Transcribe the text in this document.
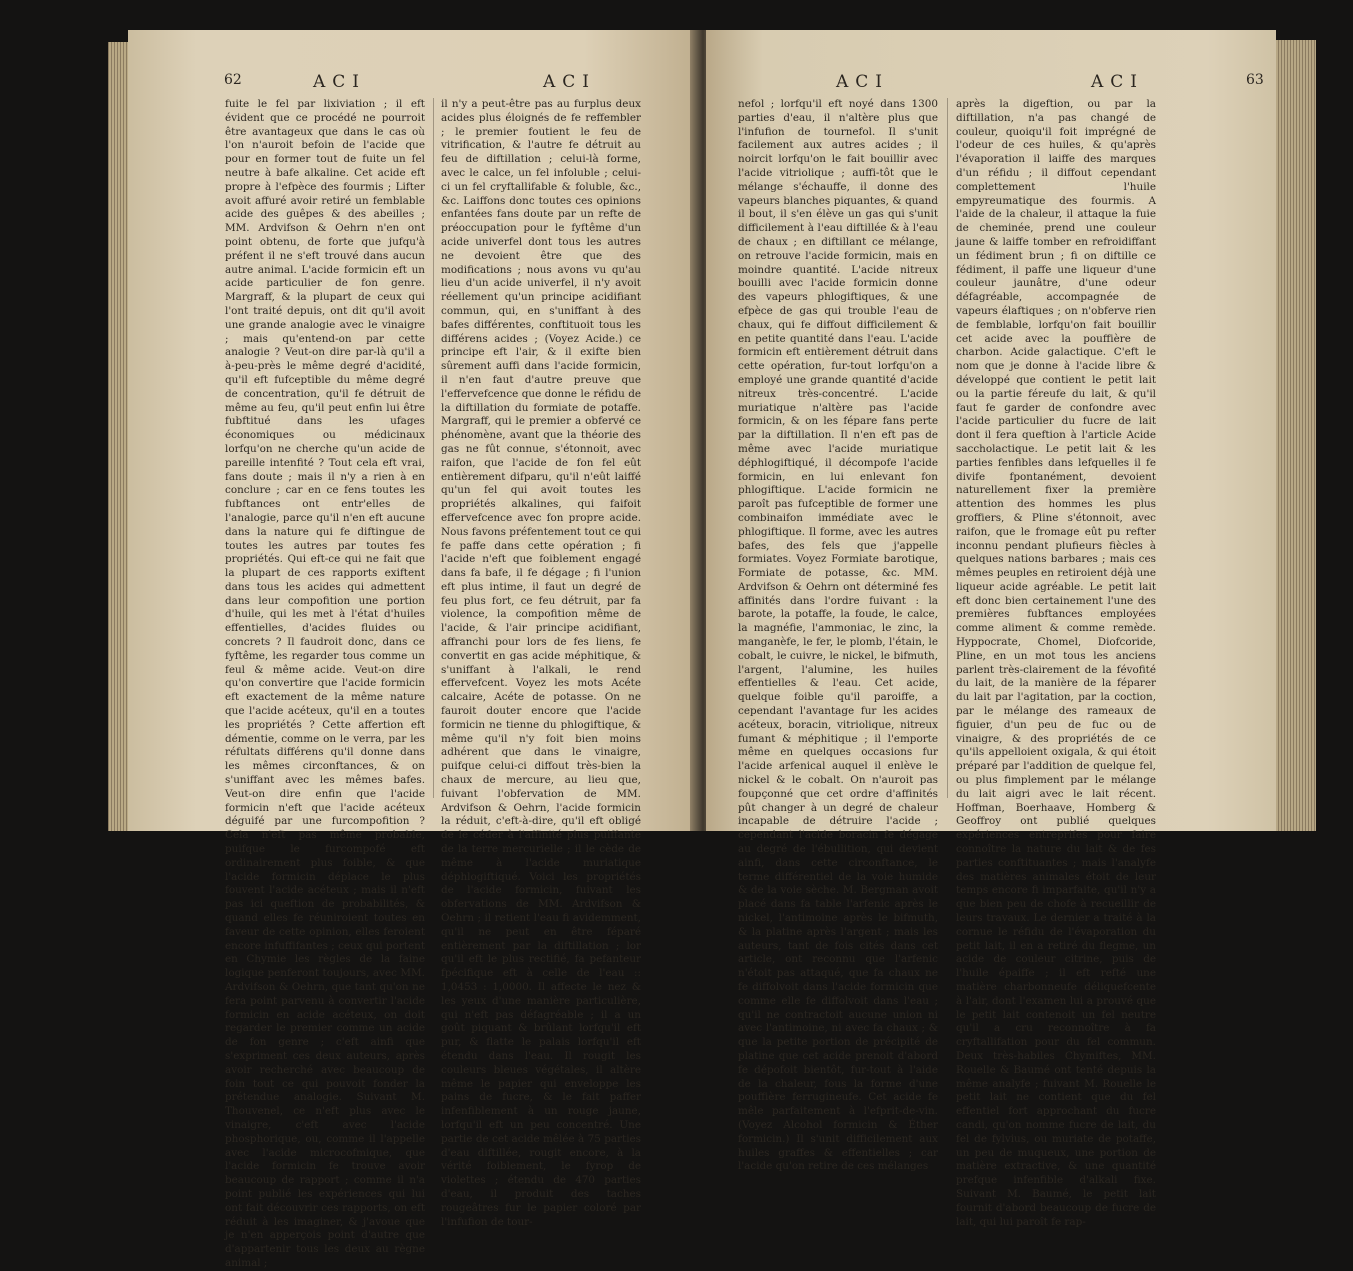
62	ACI	ACI

fuite le fel par lixiviation ; il eft évident que ce procédé ne pourroit être avantageux que dans le cas où l'on n'auroit befoin de l'acide que pour en former tout de fuite un fel neutre à bafe alkaline. Cet acide eft propre à l'efpèce des fourmis ; Lifter avoit affuré avoir retiré un femblable acide des guêpes & des abeilles ; MM. Ardvifson & Oehrn n'en ont point obtenu, de forte que jufqu'à préfent il ne s'eft trouvé dans aucun autre animal. L'acide formicin eft un acide particulier de fon genre. Margraff, & la plupart de ceux qui l'ont traité depuis, ont dit qu'il avoit une grande analogie avec le vinaigre ; mais qu'entend-on par cette analogie ? Veut-on dire par-là qu'il a à-peu-près le même degré d'acidité, qu'il eft fufceptible du même degré de concentration, qu'il fe détruit de même au feu, qu'il peut enfin lui être fubftitué dans les ufages économiques ou médicinaux lorfqu'on ne cherche qu'un acide de pareille intenfité ? Tout cela eft vrai, fans doute ; mais il n'y a rien à en conclure ; car en ce fens toutes les fubftances ont entr'elles de l'analogie, parce qu'il n'en eft aucune dans la nature qui fe diftingue de toutes les autres par toutes fes propriétés. Qui eft-ce qui ne fait que la plupart de ces rapports exiftent dans tous les acides qui admettent dans leur compofition une portion d'huile, qui les met à l'état d'huiles effentielles, d'acides fluides ou concrets ? Il faudroit donc, dans ce fyftême, les regarder tous comme un feul & même acide. Veut-on dire qu'on convertire que l'acide formicin eft exactement de la même nature que l'acide acéteux, qu'il en a toutes les propriétés ? Cette affertion eft démentie, comme on le verra, par les réfultats différens qu'il donne dans les mêmes circonftances, & on s'uniffant avec les mêmes bafes. Veut-on dire enfin que l'acide formicin n'eft que l'acide acéteux déguifé par une furcompofition ? Cela n'eft pas même probable, puifque le furcompofé eft ordinairement plus foible, & que l'acide formicin déplace le plus fouvent l'acide acéteux ; mais il n'eft pas ici queftion de probabilités, & quand elles fe réuniroient toutes en faveur de cette opinion, elles feroient encore infuffifantes ; ceux qui portent en Chymie les règles de la faine logique penferont toujours, avec MM. Ardvifson & Oehrn, que tant qu'on ne fera point parvenu à convertir l'acide formicin en acide acéteux, on doit regarder le premier comme un acide de fon genre ; c'eft ainfi que s'expriment ces deux auteurs, après avoir recherché avec beaucoup de foin tout ce qui pouvoit fonder la prétendue analogie. Suivant M. Thouvenel, ce n'eft plus avec le vinaigre, c'eft avec l'acide phosphorique, ou, comme il l'appelle avec l'acide microcofmique, que l'acide formicin fe trouve avoir beaucoup de rapport ; comme il n'a point publié les expériences qui lui ont fait découvrir ces rapports, on eft réduit à les imaginer, & j'avoue que je n'en apperçois point d'autre que d'appartenir tous les deux au règne animal ;

il n'y a peut-être pas au furplus deux acides plus éloignés de fe reffembler ; le premier foutient le feu de vitrification, & l'autre fe détruit au feu de diftillation ; celui-là forme, avec le calce, un fel infoluble ; celui-ci un fel cryftallifable & foluble, &c., &c. Laiffons donc toutes ces opinions enfantées fans doute par un refte de préoccupation pour le fyftême d'un acide univerfel dont tous les autres ne devoient être que des modifications ; nous avons vu qu'au lieu d'un acide univerfel, il n'y avoit réellement qu'un principe acidifiant commun, qui, en s'uniffant à des bafes différentes, conftituoit tous les différens acides ; (Voyez Acide.) ce principe eft l'air, & il exifte bien sûrement auffi dans l'acide formicin, il n'en faut d'autre preuve que l'effervefcence que donne le réfidu de la diftillation du formiate de potaffe. Margraff, qui le premier a obfervé ce phénomène, avant que la théorie des gas ne fût connue, s'étonnoit, avec raifon, que l'acide de fon fel eût entièrement difparu, qu'il n'eût laiffé qu'un fel qui avoit toutes les propriétés alkalines, qui faifoit effervefcence avec fon propre acide. Nous favons préfentement tout ce qui fe paffe dans cette opération ; fi l'acide n'eft que foiblement engagé dans fa bafe, il fe dégage ; fi l'union eft plus intime, il faut un degré de feu plus fort, ce feu détruit, par fa violence, la compofition même de l'acide, & l'air principe acidifiant, affranchi pour lors de fes liens, fe convertit en gas acide méphitique, & s'uniffant à l'alkali, le rend effervefcent. Voyez les mots Acéte calcaire, Acéte de potasse. On ne fauroit douter encore que l'acide formicin ne tienne du phlogiftique, & même qu'il n'y foit bien moins adhérent que dans le vinaigre, puifque celui-ci diffout très-bien la chaux de mercure, au lieu que, fuivant l'obfervation de MM. Ardvifson & Oehrn, l'acide formicin la réduit, c'eft-à-dire, qu'il eft obligé de le céder à l'affinité plus puiffante de la terre mercurielle ; il le cède de même à l'acide muriatique déphlogiftiqué. Voici les propriétés de l'acide formicin, fuivant les obfervations de MM. Ardvifson & Oehrn ; il retient l'eau fi avidemment, qu'il ne peut en être féparé entièrement par la diftillation ; lor qu'il eft le plus rectifié, fa pefanteur fpécifique eft à celle de l'eau :: 1,0453 : 1,0000. Il affecte le nez & les yeux d'une manière particulière, qui n'eft pas défagréable ; il a un goût piquant & brûlant lorfqu'il eft pur, & flatte le palais lorfqu'il eft étendu dans l'eau. Il rougit les couleurs bleues végétales, il altère même le papier qui enveloppe les pains de fucre, & le fait paffer infenfiblement à un rouge jaune, lorfqu'il eft un peu concentré. Une partie de cet acide mêlée à 75 parties d'eau diftillée, rougit encore, à la vérité foiblement, le fyrop de violettes ; étendu de 470 parties d'eau, il produit des taches rougeâtres fur le papier coloré par l'infufion de tour-

ACI	ACI	63

nefol ; lorfqu'il eft noyé dans 1300 parties d'eau, il n'altère plus que l'infufion de tournefol. Il s'unit facilement aux autres acides ; il noircit lorfqu'on le fait bouillir avec l'acide vitriolique ; auffi-tôt que le mélange s'échauffe, il donne des vapeurs blanches piquantes, & quand il bout, il s'en élève un gas qui s'unit difficilement à l'eau diftillée & à l'eau de chaux ; en diftillant ce mélange, on retrouve l'acide formicin, mais en moindre quantité. L'acide nitreux bouilli avec l'acide formicin donne des vapeurs phlogiftiques, & une efpèce de gas qui trouble l'eau de chaux, qui fe diffout difficilement & en petite quantité dans l'eau. L'acide formicin eft entièrement détruit dans cette opération, fur-tout lorfqu'on a employé une grande quantité d'acide nitreux très-concentré. L'acide muriatique n'altère pas l'acide formicin, & on les fépare fans perte par la diftillation. Il n'en eft pas de même avec l'acide muriatique déphlogiftiqué, il décompofe l'acide formicin, en lui enlevant fon phlogiftique. L'acide formicin ne paroît pas fufceptible de former une combinaifon immédiate avec le phlogiftique. Il forme, avec les autres bafes, des fels que j'appelle formiates. Voyez Formiate barotique, Formiate de potasse, &c. MM. Ardvifson & Oehrn ont déterminé fes affinités dans l'ordre fuivant : la barote, la potaffe, la foude, le calce, la magnéfie, l'ammoniac, le zinc, la manganèfe, le fer, le plomb, l'étain, le cobalt, le cuivre, le nickel, le bifmuth, l'argent, l'alumine, les huiles effentielles & l'eau. Cet acide, quelque foible qu'il paroiffe, a cependant l'avantage fur les acides acéteux, boracin, vitriolique, nitreux fumant & méphitique ; il l'emporte même en quelques occasions fur l'acide arfenical auquel il enlève le nickel & le cobalt. On n'auroit pas foupçonné que cet ordre d'affinités pût changer à un degré de chaleur incapable de détruire l'acide ; cependant l'acide boracin fe dégage au degré de l'ébullition, qui devient ainfi, dans cette circonftance, le terme différentiel de la voie humide & de la voie sèche. M. Bergman avoit placé dans fa table l'arfenic après le nickel, l'antimoine après le bifmuth, & la platine après l'argent ; mais les auteurs, tant de fois cités dans cet article, ont reconnu que l'arfenic n'étoit pas attaqué, que fa chaux ne fe diffolvoit dans l'acide formicin que comme elle fe diffolvoit dans l'eau ; qu'il ne contractoit aucune union ni avec l'antimoine, ni avec fa chaux ; & que la petite portion de précipité de platine que cet acide prenoit d'abord fe dépofoit bientôt, fur-tout à l'aide de la chaleur, fous la forme d'une pouffière ferrugineufe. Cet acide fe mêle parfaitement à l'efprit-de-vin. (Voyez Alcohol formicin & Éther formicin.) Il s'unit difficilement aux huiles graffes & effentielles ; car l'acide qu'on retire de ces mélanges

après la digeftion, ou par la diftillation, n'a pas changé de couleur, quoiqu'il foit imprégné de l'odeur de ces huiles, & qu'après l'évaporation il laiffe des marques d'un réfidu ; il diffout cependant complettement l'huile empyreumatique des fourmis. A l'aide de la chaleur, il attaque la fuie de cheminée, prend une couleur jaune & laiffe tomber en refroidiffant un fédiment brun ; fi on diftille ce fédiment, il paffe une liqueur d'une couleur jaunâtre, d'une odeur défagréable, accompagnée de vapeurs élaftiques ; on n'obferve rien de femblable, lorfqu'on fait bouillir cet acide avec la pouffière de charbon. Acide galactique. C'eft le nom que je donne à l'acide libre & développé que contient le petit lait ou la partie féreufe du lait, & qu'il faut fe garder de confondre avec l'acide particulier du fucre de lait dont il fera queftion à l'article Acide saccholactique. Le petit lait & les parties fenfibles dans lefquelles il fe divife fpontanément, devoient naturellement fixer la première attention des hommes les plus groffiers, & Pline s'étonnoit, avec raifon, que le fromage eût pu refter inconnu pendant plufieurs fiècles à quelques nations barbares ; mais ces mêmes peuples en retiroient déjà une liqueur acide agréable. Le petit lait eft donc bien certainement l'une des premières fubftances employées comme aliment & comme remède. Hyppocrate, Chomel, Diofcoride, Pline, en un mot tous les anciens parlent très-clairement de la févofité du lait, de la manière de la féparer du lait par l'agitation, par la coction, par le mélange des rameaux de figuier, d'un peu de fuc ou de vinaigre, & des propriétés de ce qu'ils appelloient oxigala, & qui étoit préparé par l'addition de quelque fel, ou plus fimplement par le mélange du lait aigri avec le lait récent. Hoffman, Boerhaave, Homberg & Geoffroy ont publié quelques expériences entreprifes pour faire connoître la nature du lait & de fes parties conftituantes ; mais l'analyfe des matières animales étoit de leur temps encore fi imparfaite, qu'il n'y a que bien peu de chofe à recueillir de leurs travaux. Le dernier a traité à la cornue le réfidu de l'évaporation du petit lait, il en a retiré du flegme, un acide de couleur citrine, puis de l'huile épaiffe ; il eft refté une matière charbonneufe déliquefcente à l'air, dont l'examen lui a prouvé que le petit lait contenoit un fel neutre qu'il a cru reconnoître à fa cryftallifation pour du fel commun. Deux très-habiles Chymiftes, MM. Rouelle & Baumé ont tenté depuis la même analyfe ; fuivant M. Rouelle le petit lait ne contient que du fel effentiel fort approchant du fucre candi, qu'on nomme fucre de lait, du fel de fylvius, ou muriate de potaffe, un peu de muqueux, une portion de matière extractive, & une quantité prefque infenfible d'alkali fixe. Suivant M. Baumé, le petit lait fournit d'abord beaucoup de fucre de lait, qui lui paroît fe rap-
